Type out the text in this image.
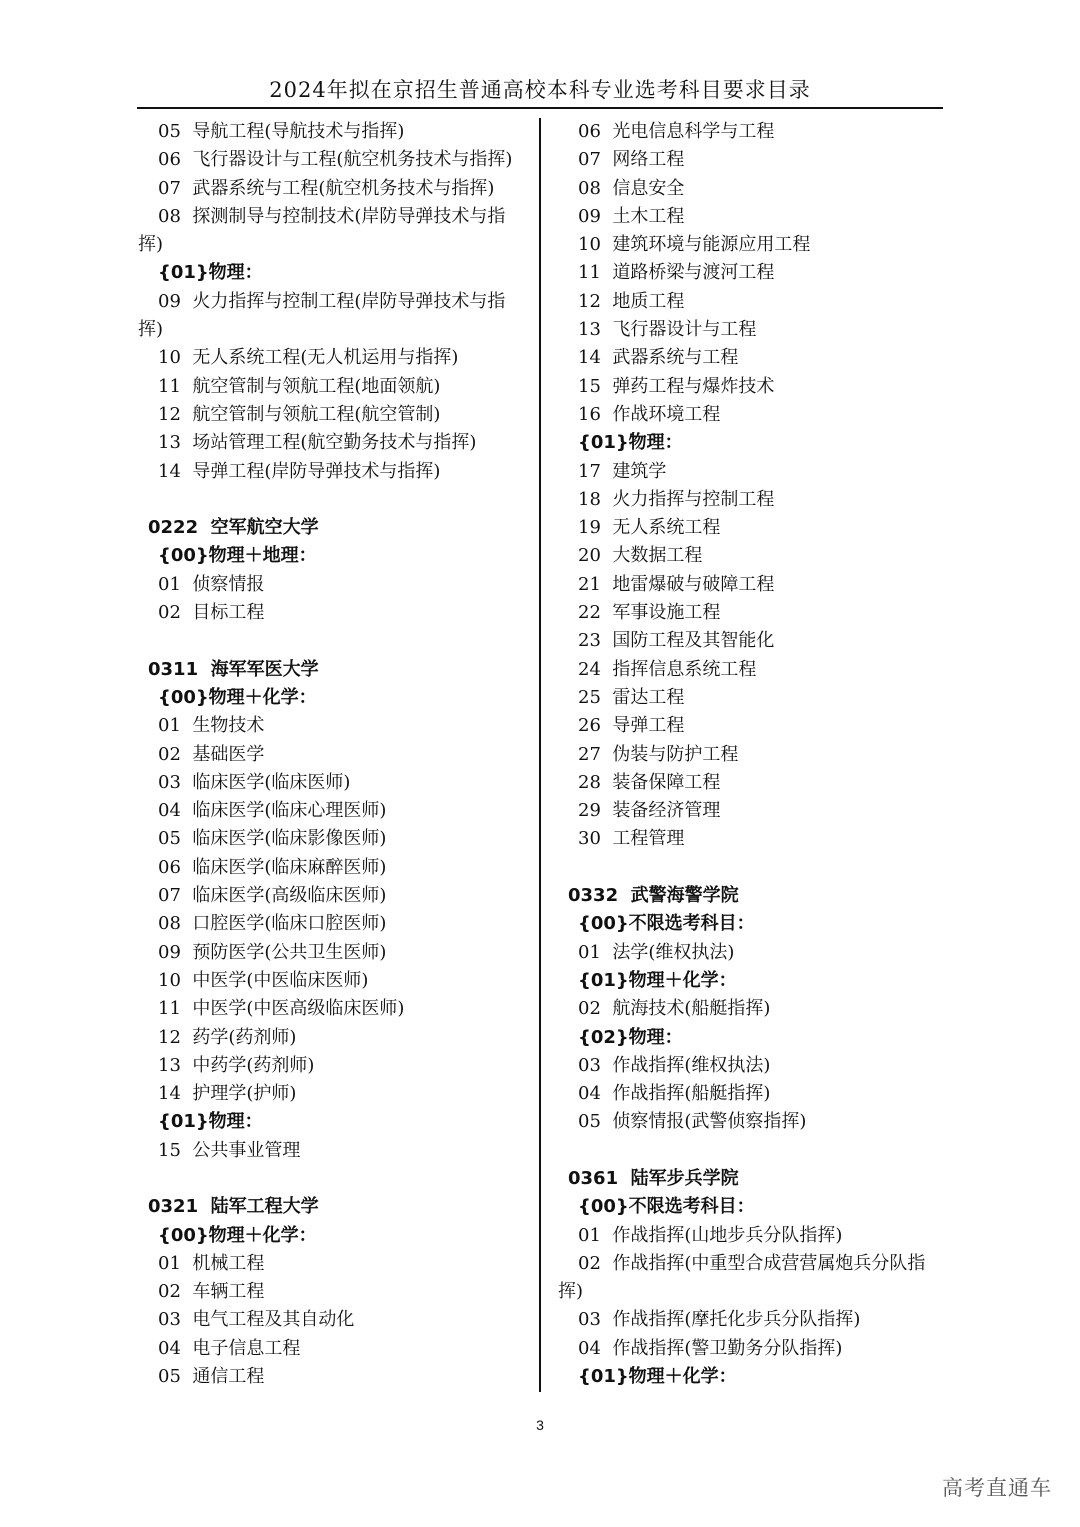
2024年拟在京招生普通高校本科专业选考科目要求目录
05  导航工程(导航技术与指挥)
06  飞行器设计与工程(航空机务技术与指挥)
07  武器系统与工程(航空机务技术与指挥)
08  探测制导与控制技术(岸防导弹技术与指
挥)
{01}物理：
09  火力指挥与控制工程(岸防导弹技术与指
挥)
10  无人系统工程(无人机运用与指挥)
11  航空管制与领航工程(地面领航)
12  航空管制与领航工程(航空管制)
13  场站管理工程(航空勤务技术与指挥)
14  导弹工程(岸防导弹技术与指挥)
0222  空军航空大学
{00}物理＋地理：
01  侦察情报
02  目标工程
0311  海军军医大学
{00}物理＋化学：
01  生物技术
02  基础医学
03  临床医学(临床医师)
04  临床医学(临床心理医师)
05  临床医学(临床影像医师)
06  临床医学(临床麻醉医师)
07  临床医学(高级临床医师)
08  口腔医学(临床口腔医师)
09  预防医学(公共卫生医师)
10  中医学(中医临床医师)
11  中医学(中医高级临床医师)
12  药学(药剂师)
13  中药学(药剂师)
14  护理学(护师)
{01}物理：
15  公共事业管理
0321  陆军工程大学
{00}物理＋化学：
01  机械工程
02  车辆工程
03  电气工程及其自动化
04  电子信息工程
05  通信工程
06  光电信息科学与工程
07  网络工程
08  信息安全
09  土木工程
10  建筑环境与能源应用工程
11  道路桥梁与渡河工程
12  地质工程
13  飞行器设计与工程
14  武器系统与工程
15  弹药工程与爆炸技术
16  作战环境工程
{01}物理：
17  建筑学
18  火力指挥与控制工程
19  无人系统工程
20  大数据工程
21  地雷爆破与破障工程
22  军事设施工程
23  国防工程及其智能化
24  指挥信息系统工程
25  雷达工程
26  导弹工程
27  伪装与防护工程
28  装备保障工程
29  装备经济管理
30  工程管理
0332  武警海警学院
{00}不限选考科目：
01  法学(维权执法)
{01}物理＋化学：
02  航海技术(船艇指挥)
{02}物理：
03  作战指挥(维权执法)
04  作战指挥(船艇指挥)
05  侦察情报(武警侦察指挥)
0361  陆军步兵学院
{00}不限选考科目：
01  作战指挥(山地步兵分队指挥)
02  作战指挥(中重型合成营营属炮兵分队指
挥)
03  作战指挥(摩托化步兵分队指挥)
04  作战指挥(警卫勤务分队指挥)
{01}物理＋化学：
3
高考直通车
